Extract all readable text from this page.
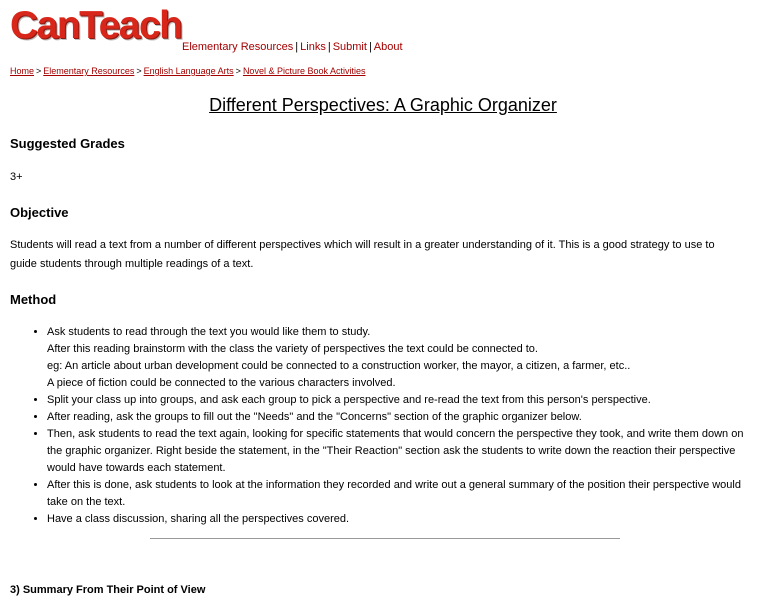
CanTeach Elementary Resources | Links | Submit | About
Home > Elementary Resources > English Language Arts > Novel & Picture Book Activities
Different Perspectives: A Graphic Organizer
Suggested Grades
3+
Objective
Students will read a text from a number of different perspectives which will result in a greater understanding of it. This is a good strategy to use to
guide students through multiple readings of a text.
Method
• Ask students to read through the text you would like them to study.
After this reading brainstorm with the class the variety of perspectives the text could be connected to.
eg: An article about urban development could be connected to a construction worker, the mayor, a citizen, a farmer, etc..
A piece of fiction could be connected to the various characters involved.
• Split your class up into groups, and ask each group to pick a perspective and re-read the text from this person's perspective.
• After reading, ask the groups to fill out the "Needs" and the "Concerns" section of the graphic organizer below.
• Then, ask students to read the text again, looking for specific statements that would concern the perspective they took, and write them down on
the graphic organizer. Right beside the statement, in the "Their Reaction" section ask the students to write down the reaction their perspective
would have towards each statement.
• After this is done, ask students to look at the information they recorded and write out a general summary of the position their perspective would
take on the text.
• Have a class discussion, sharing all the perspectives covered.
3) Summary From Their Point of View
